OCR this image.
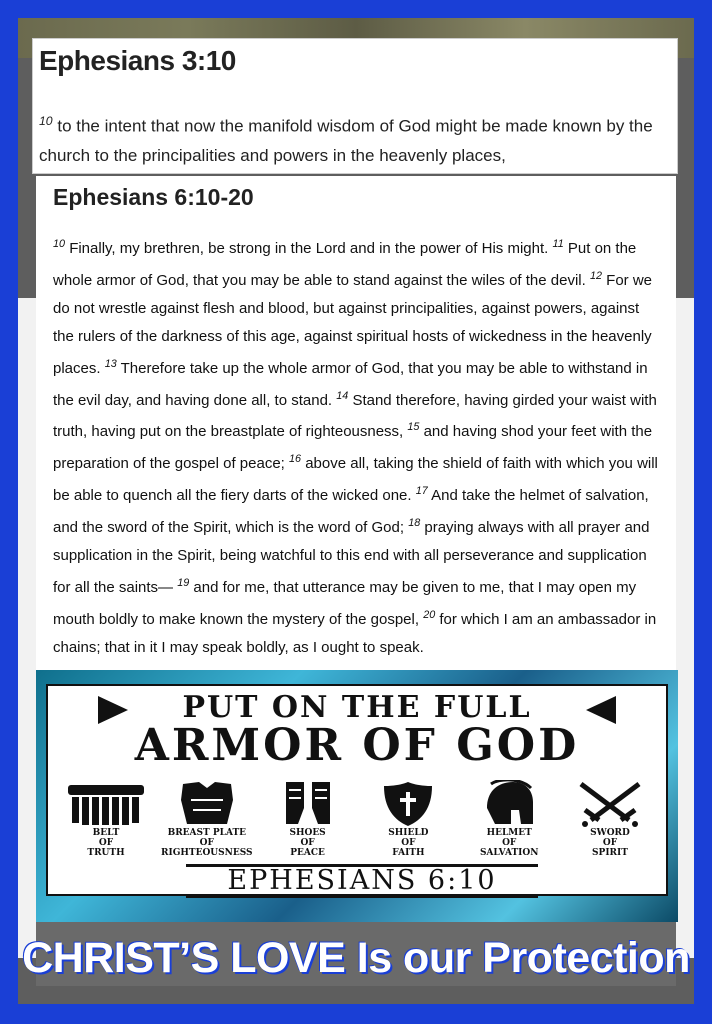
Ephesians 3:10

$^{10}$ to the intent that now the manifold wisdom of God might be made known by the church to the principalities and powers in the heavenly places,

Ephesians 6:10-20

$^{10}$ Finally, my brethren, be strong in the Lord and in the power of His might. $^{11}$ Put on the whole armor of God, that you may be able to stand against the wiles of the devil. $^{12}$ For we do not wrestle against flesh and blood, but against principalities, against powers, against the rulers of the darkness of this age, against spiritual hosts of wickedness in the heavenly places. $^{13}$ Therefore take up the whole armor of God, that you may be able to withstand in the evil day, and having done all, to stand. $^{14}$ Stand therefore, having girded your waist with truth, having put on the breastplate of righteousness, $^{15}$ and having shod your feet with the preparation of the gospel of peace; $^{16}$ above all, taking the shield of faith with which you will be able to quench all the fiery darts of the wicked one. $^{17}$ And take the helmet of salvation, and the sword of the Spirit, which is the word of God; $^{18}$ praying always with all prayer and supplication in the Spirit, being watchful to this end with all perseverance and supplication for all the saints— $^{19}$ and for me, that utterance may be given to me, that I may open my mouth boldly to make known the mystery of the gospel, $^{20}$ for which I am an ambassador in chains; that in it I may speak boldly, as I ought to speak.

PUT ON THE FULL
ARMOR OF GOD
BELT
OF
TRUTH
BREAST PLATE
OF
RIGHTEOUSNESS
SHOES
OF
PEACE
SHIELD
OF
FAITH
HELMET
OF
SALVATION
SWORD
OF
SPIRIT
EPHESIANS 6:10
CHRIST’S LOVE Is our Protection
